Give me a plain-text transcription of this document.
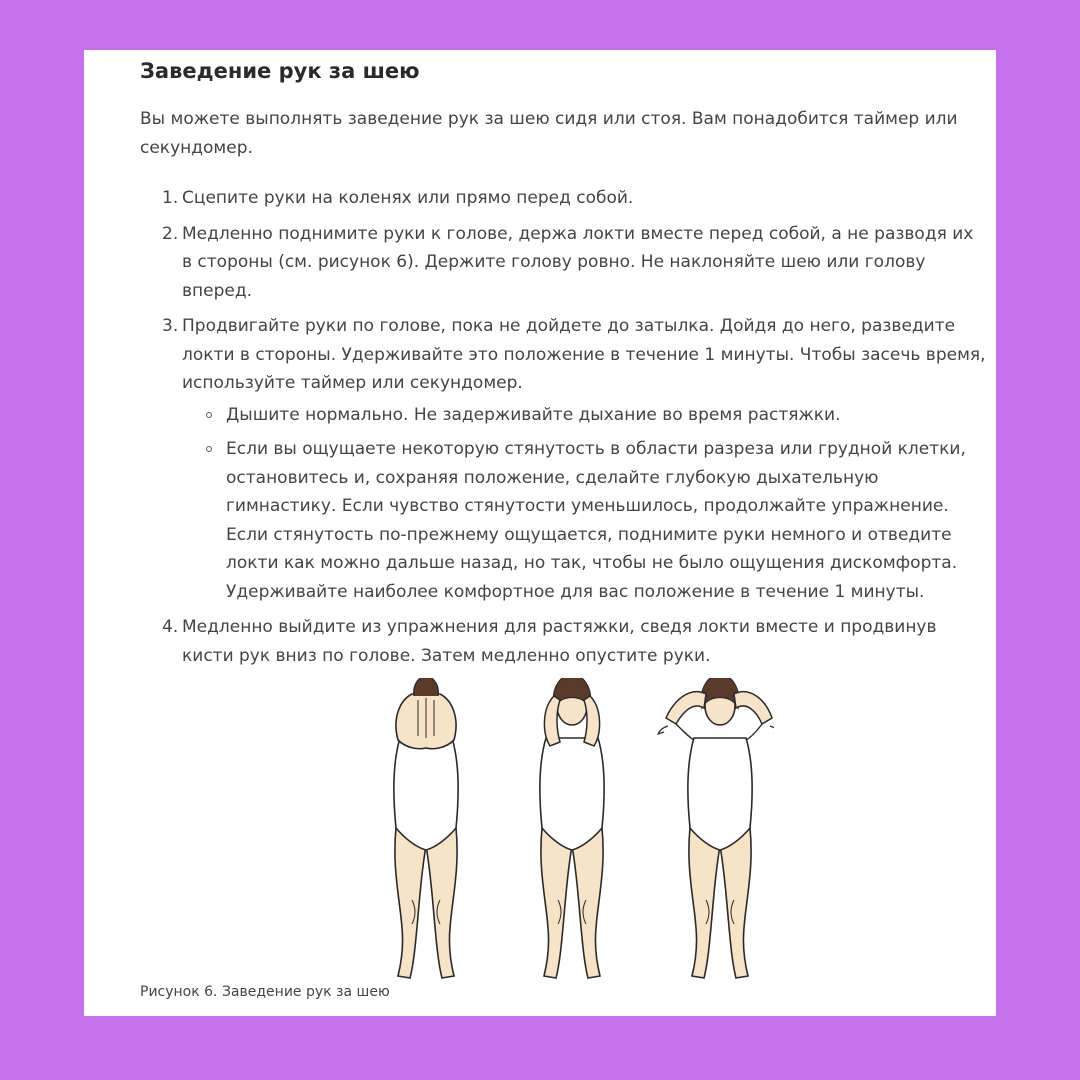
Заведение рук за шею

Вы можете выполнять заведение рук за шею сидя или стоя. Вам понадобится таймер или секундомер.

1. Сцепите руки на коленях или прямо перед собой.
2. Медленно поднимите руки к голове, держа локти вместе перед собой, а не разводя их в стороны (см. рисунок 6). Держите голову ровно. Не наклоняйте шею или голову вперед.
3. Продвигайте руки по голове, пока не дойдете до затылка. Дойдя до него, разведите локти в стороны. Удерживайте это положение в течение 1 минуты. Чтобы засечь время, используйте таймер или секундомер.
Дышите нормально. Не задерживайте дыхание во время растяжки.
Если вы ощущаете некоторую стянутость в области разреза или грудной клетки, остановитесь и, сохраняя положение, сделайте глубокую дыхательную гимнастику. Если чувство стянутости уменьшилось, продолжайте упражнение. Если стянутость по-прежнему ощущается, поднимите руки немного и отведите локти как можно дальше назад, но так, чтобы не было ощущения дискомфорта. Удерживайте наиболее комфортное для вас положение в течение 1 минуты.
4. Медленно выйдите из упражнения для растяжки, сведя локти вместе и продвинув кисти рук вниз по голове. Затем медленно опустите руки.

Рисунок 6. Заведение рук за шею
